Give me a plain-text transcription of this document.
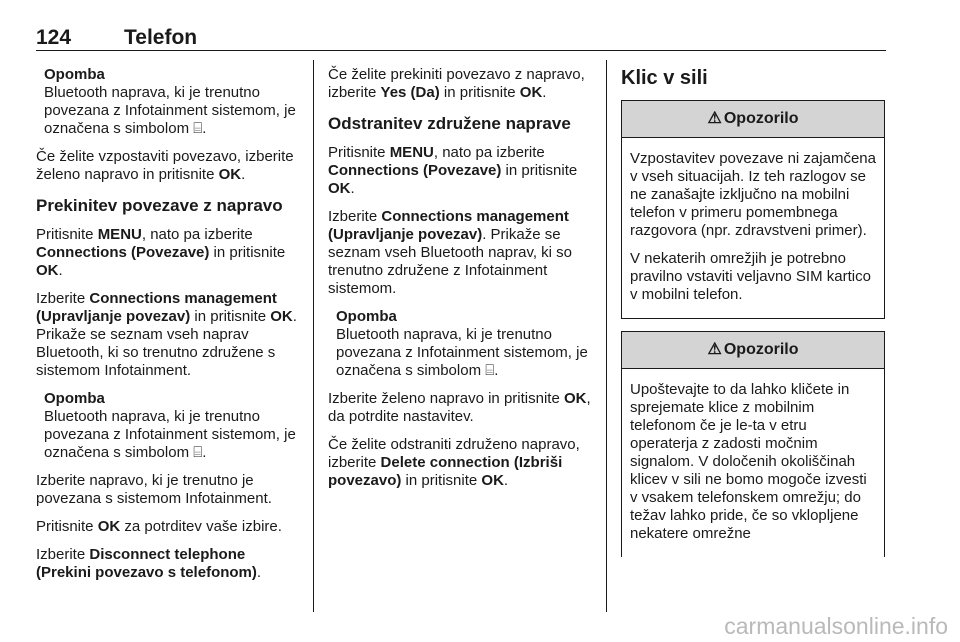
124	Telefon
Opomba
Bluetooth naprava, ki je trenutno povezana z Infotainment sistemom, je označena s simbolom ⌸.

Če želite vzpostaviti povezavo, izberite želeno napravo in pritisnite OK.

Prekinitev povezave z napravo

Pritisnite MENU, nato pa izberite Connections (Povezave) in pritisnite OK.

Izberite Connections management (Upravljanje povezav) in pritisnite OK. Prikaže se seznam vseh naprav Bluetooth, ki so trenutno združene s sistemom Infotainment.

Opomba
Bluetooth naprava, ki je trenutno povezana z Infotainment sistemom, je označena s simbolom ⌸.

Izberite napravo, ki je trenutno je povezana s sistemom Infotainment.

Pritisnite OK za potrditev vaše izbire.

Izberite Disconnect telephone (Prekini povezavo s telefonom).

Če želite prekiniti povezavo z napravo, izberite Yes (Da) in pritisnite OK.

Odstranitev združene naprave

Pritisnite MENU, nato pa izberite Connections (Povezave) in pritisnite OK.

Izberite Connections management (Upravljanje povezav). Prikaže se seznam vseh Bluetooth naprav, ki so trenutno združene z Infotainment sistemom.

Opomba
Bluetooth naprava, ki je trenutno povezana z Infotainment sistemom, je označena s simbolom ⌸.

Izberite želeno napravo in pritisnite OK, da potrdite nastavitev.

Če želite odstraniti združeno napravo, izberite Delete connection (Izbriši povezavo) in pritisnite OK.

Klic v sili
⚠ Opozorilo

Vzpostavitev povezave ni zajamčena v vseh situacijah. Iz teh razlogov se ne zanašajte izključno na mobilni telefon v primeru pomembnega razgovora (npr. zdravstveni primer).

V nekaterih omrežjih je potrebno pravilno vstaviti veljavno SIM kartico v mobilni telefon.

⚠ Opozorilo

Upoštevajte to da lahko kličete in sprejemate klice z mobilnim telefonom če je le-ta v etru operaterja z zadosti močnim signalom. V določenih okoliščinah klicev v sili ne bomo mogoče izvesti v vsakem telefonskem omrežju; do težav lahko pride, če so vklopljene nekatere omrežne

carmanualsonline.info
